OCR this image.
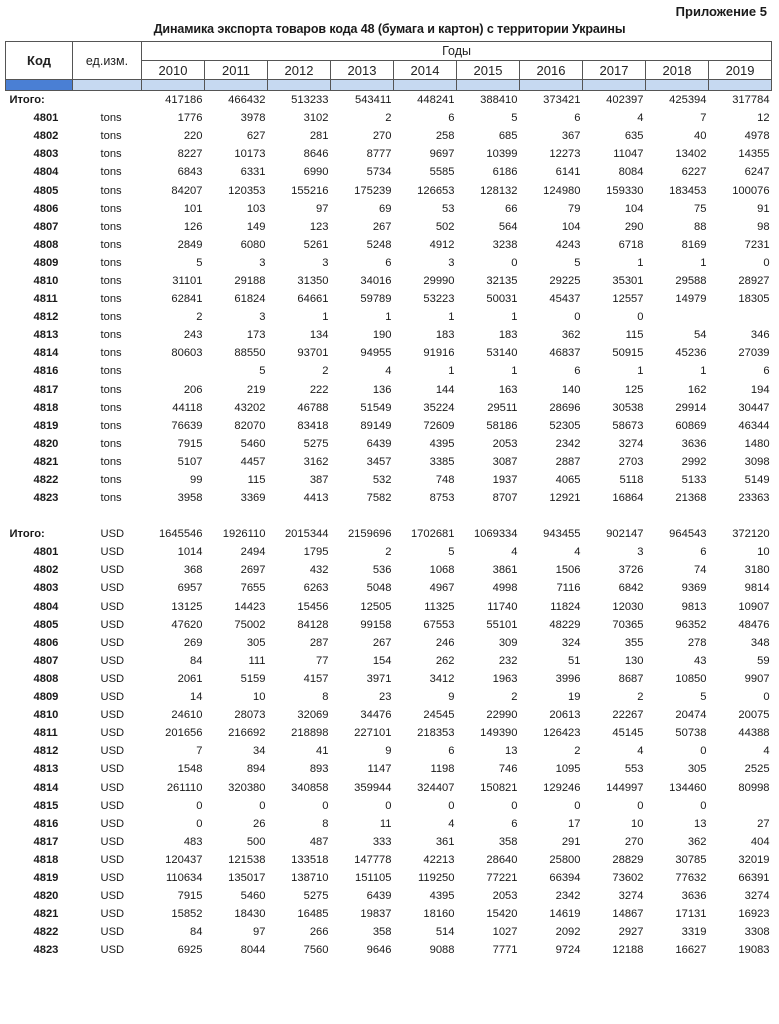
Приложение 5
Динамика экспорта товаров кода 48 (бумага и картон) с территории Украины
Код	ед.изм.	Годы									
		2010	2011	2012	2013	2014	2015	2016	2017	2018	2019

Итого:		417186	466432	513233	543411	448241	388410	373421	402397	425394	317784
4801	tons	1776	3978	3102	2	6	5	6	4	7	12
4802	tons	220	627	281	270	258	685	367	635	40	4978
4803	tons	8227	10173	8646	8777	9697	10399	12273	11047	13402	14355
4804	tons	6843	6331	6990	5734	5585	6186	6141	8084	6227	6247
4805	tons	84207	120353	155216	175239	126653	128132	124980	159330	183453	100076
4806	tons	101	103	97	69	53	66	79	104	75	91
4807	tons	126	149	123	267	502	564	104	290	88	98
4808	tons	2849	6080	5261	5248	4912	3238	4243	6718	8169	7231
4809	tons	5	3	3	6	3	0	5	1	1	0
4810	tons	31101	29188	31350	34016	29990	32135	29225	35301	29588	28927
4811	tons	62841	61824	64661	59789	53223	50031	45437	12557	14979	18305
4812	tons	2	3	1	1	1	1	0	0		
4813	tons	243	173	134	190	183	183	362	115	54	346
4814	tons	80603	88550	93701	94955	91916	53140	46837	50915	45236	27039
4816	tons		5	2	4	1	1	6	1	1	6
4817	tons	206	219	222	136	144	163	140	125	162	194
4818	tons	44118	43202	46788	51549	35224	29511	28696	30538	29914	30447
4819	tons	76639	82070	83418	89149	72609	58186	52305	58673	60869	46344
4820	tons	7915	5460	5275	6439	4395	2053	2342	3274	3636	1480
4821	tons	5107	4457	3162	3457	3385	3087	2887	2703	2992	3098
4822	tons	99	115	387	532	748	1937	4065	5118	5133	5149
4823	tons	3958	3369	4413	7582	8753	8707	12921	16864	21368	23363

Итого:	USD	1645546	1926110	2015344	2159696	1702681	1069334	943455	902147	964543	372120
4801	USD	1014	2494	1795	2	5	4	4	3	6	10
4802	USD	368	2697	432	536	1068	3861	1506	3726	74	3180
4803	USD	6957	7655	6263	5048	4967	4998	7116	6842	9369	9814
4804	USD	13125	14423	15456	12505	11325	11740	11824	12030	9813	10907
4805	USD	47620	75002	84128	99158	67553	55101	48229	70365	96352	48476
4806	USD	269	305	287	267	246	309	324	355	278	348
4807	USD	84	111	77	154	262	232	51	130	43	59
4808	USD	2061	5159	4157	3971	3412	1963	3996	8687	10850	9907
4809	USD	14	10	8	23	9	2	19	2	5	0
4810	USD	24610	28073	32069	34476	24545	22990	20613	22267	20474	20075
4811	USD	201656	216692	218898	227101	218353	149390	126423	45145	50738	44388
4812	USD	7	34	41	9	6	13	2	4	0	4
4813	USD	1548	894	893	1147	1198	746	1095	553	305	2525
4814	USD	261110	320380	340858	359944	324407	150821	129246	144997	134460	80998
4815	USD	0	0	0	0	0	0	0	0	0	
4816	USD	0	26	8	11	4	6	17	10	13	27
4817	USD	483	500	487	333	361	358	291	270	362	404
4818	USD	120437	121538	133518	147778	42213	28640	25800	28829	30785	32019
4819	USD	110634	135017	138710	151105	119250	77221	66394	73602	77632	66391
4820	USD	7915	5460	5275	6439	4395	2053	2342	3274	3636	3274
4821	USD	15852	18430	16485	19837	18160	15420	14619	14867	17131	16923
4822	USD	84	97	266	358	514	1027	2092	2927	3319	3308
4823	USD	6925	8044	7560	9646	9088	7771	9724	12188	16627	19083
